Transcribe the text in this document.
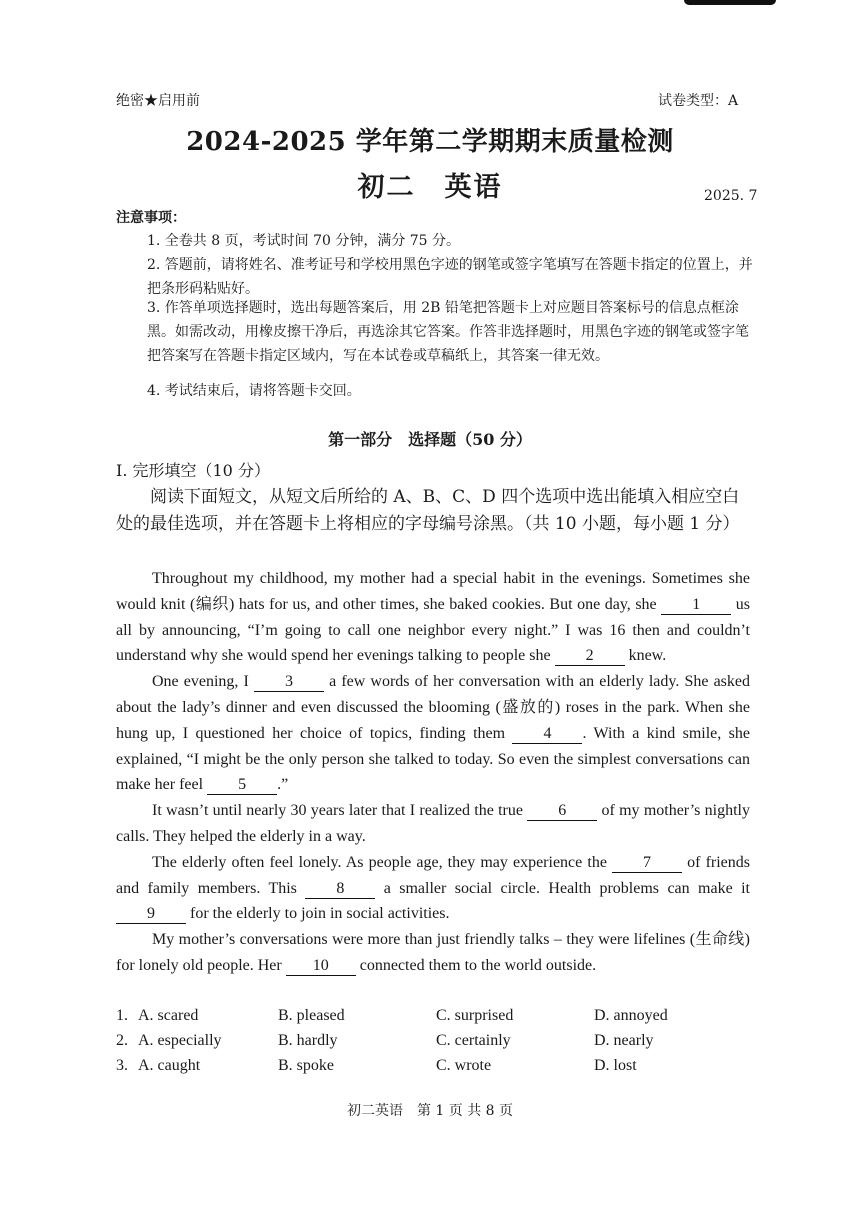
绝密★启用前	试卷类型：A
2024-2025 学年第二学期期末质量检测
初二　英语	2025. 7
注意事项：
1. 全卷共 8 页，考试时间 70 分钟，满分 75 分。
2. 答题前，请将姓名、准考证号和学校用黑色字迹的钢笔或签字笔填写在答题卡指定的位置上，并把条形码粘贴好。
3. 作答单项选择题时，选出每题答案后，用 2B 铅笔把答题卡上对应题目答案标号的信息点框涂黑。如需改动，用橡皮擦干净后，再选涂其它答案。作答非选择题时，用黑色字迹的钢笔或签字笔把答案写在答题卡指定区域内，写在本试卷或草稿纸上，其答案一律无效。
4. 考试结束后，请将答题卡交回。
第一部分　选择题（50 分）
I. 完形填空（10 分）
阅读下面短文，从短文后所给的 A、B、C、D 四个选项中选出能填入相应空白处的最佳选项，并在答题卡上将相应的字母编号涂黑。（共 10 小题，每小题 1 分）

Throughout my childhood, my mother had a special habit in the evenings. Sometimes she would knit (编织) hats for us, and other times, she baked cookies. But one day, she 1 us all by announcing, “I’m going to call one neighbor every night.” I was 16 then and couldn’t understand why she would spend her evenings talking to people she 2 knew.

One evening, I 3 a few words of her conversation with an elderly lady. She asked about the lady’s dinner and even discussed the blooming (盛放的) roses in the park. When she hung up, I questioned her choice of topics, finding them 4 . With a kind smile, she explained, “I might be the only person she talked to today. So even the simplest conversations can make her feel 5 .”

It wasn’t until nearly 30 years later that I realized the true 6 of my mother’s nightly calls. They helped the elderly in a way.

The elderly often feel lonely. As people age, they may experience the 7 of friends and family members. This 8 a smaller social circle. Health problems can make it 9 for the elderly to join in social activities.

My mother’s conversations were more than just friendly talks – they were lifelines (生命线) for lonely old people. Her 10 connected them to the world outside.

1. A. scared	B. pleased	C. surprised	D. annoyed
2. A. especially	B. hardly	C. certainly	D. nearly
3. A. caught	B. spoke	C. wrote	D. lost
初二英语　第 1 页 共 8 页
